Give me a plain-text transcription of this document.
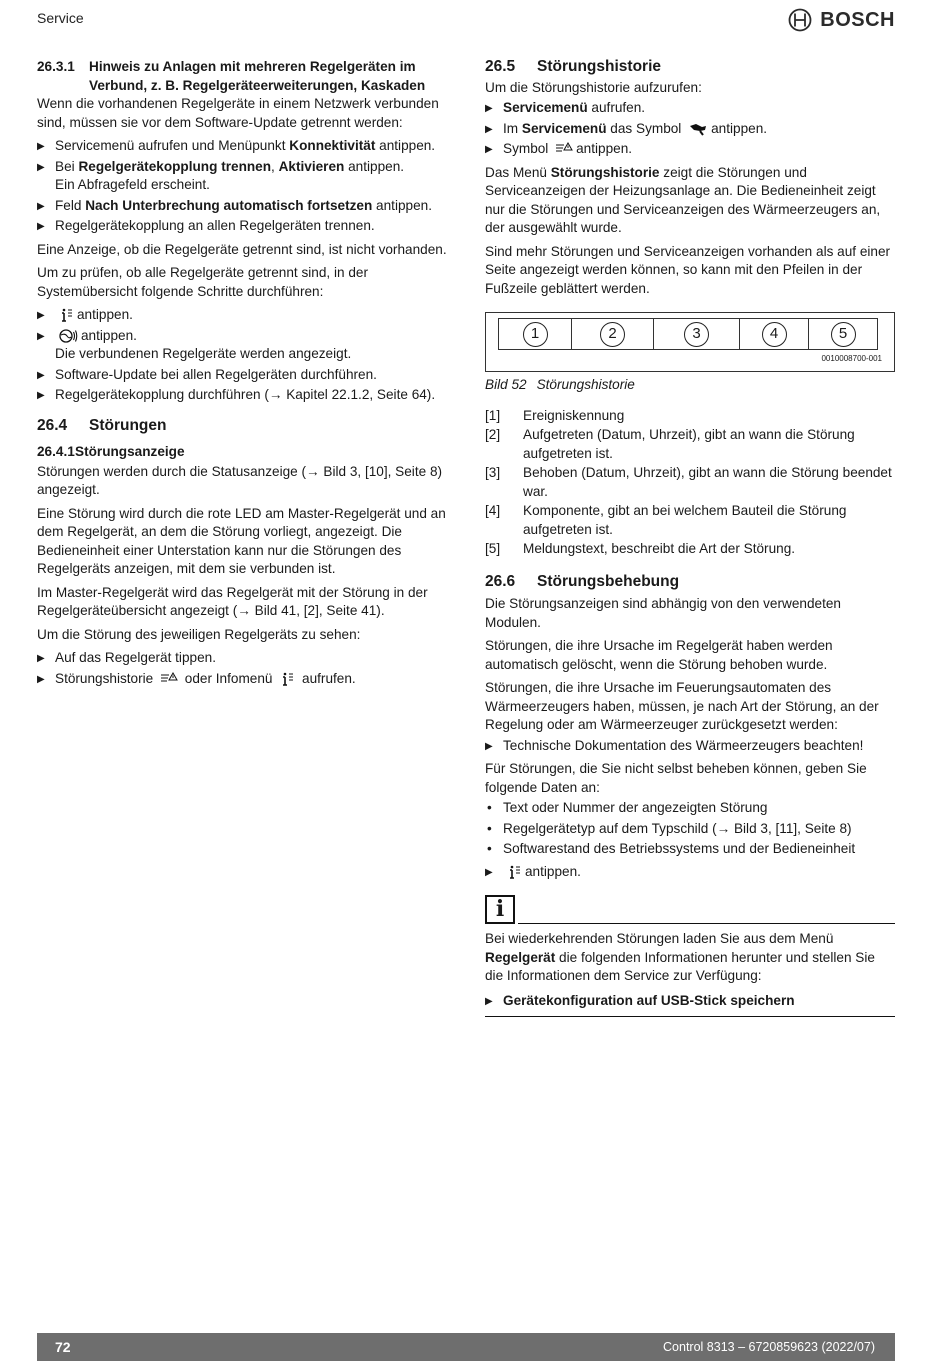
Service	BOSCH
26.3.1	Hinweis zu Anlagen mit mehreren Regelgeräten im
Verbund, z. B. Regelgeräteerweiterungen, Kaskaden

Wenn die vorhandenen Regelgeräte in einem Netzwerk verbunden sind, müssen sie vor dem Software-Update getrennt werden:

▶ Servicemenü aufrufen und Menüpunkt Konnektivität antippen.
▶ Bei Regelgerätekopplung trennen, Aktivieren antippen.
Ein Abfragefeld erscheint.
▶ Feld Nach Unterbrechung automatisch fortsetzen antippen.
▶ Regelgerätekopplung an allen Regelgeräten trennen.

Eine Anzeige, ob die Regelgeräte getrennt sind, ist nicht vorhanden.

Um zu prüfen, ob alle Regelgeräte getrennt sind, in der Systemübersicht folgende Schritte durchführen:

▶ antippen.
▶ antippen.
Die verbundenen Regelgeräte werden angezeigt.
▶ Software-Update bei allen Regelgeräten durchführen.
▶ Regelgerätekopplung durchführen (→ Kapitel 22.1.2, Seite 64).
26.4	Störungen
26.4.1 Störungsanzeige

Störungen werden durch die Statusanzeige (→ Bild 3, [10], Seite 8) angezeigt.

Eine Störung wird durch die rote LED am Master-Regelgerät und an dem Regelgerät, an dem die Störung vorliegt, angezeigt. Die Bedieneinheit einer Unterstation kann nur die Störungen des Regelgeräts anzeigen, mit dem sie verbunden ist.

Im Master-Regelgerät wird das Regelgerät mit der Störung in der Regelgeräteübersicht angezeigt (→ Bild 41, [2], Seite 41).

Um die Störung des jeweiligen Regelgeräts zu sehen:

▶ Auf das Regelgerät tippen.
▶ Störungshistorie oder Infomenü aufrufen.
26.5	Störungshistorie

Um die Störungshistorie aufzurufen:

▶ Servicemenü aufrufen.
▶ Im Servicemenü das Symbol antippen.
▶ Symbol antippen.

Das Menü Störungshistorie zeigt die Störungen und Serviceanzeigen der Heizungsanlage an. Die Bedieneinheit zeigt nur die Störungen und Serviceanzeigen des Wärmeerzeugers an, der ausgewählt wurde.

Sind mehr Störungen und Serviceanzeigen vorhanden als auf einer Seite angezeigt werden können, so kann mit den Pfeilen in der Fußzeile geblättert werden.

1	2	3	4	5
0010008700-001
Bild 52 Störungshistorie
[1]	Ereigniskennung
[2]	Aufgetreten (Datum, Uhrzeit), gibt an wann die Störung aufgetreten ist.
[3]	Behoben (Datum, Uhrzeit), gibt an wann die Störung beendet war.
[4]	Komponente, gibt an bei welchem Bauteil die Störung aufgetreten ist.
[5]	Meldungstext, beschreibt die Art der Störung.
26.6	Störungsbehebung

Die Störungsanzeigen sind abhängig von den verwendeten Modulen.

Störungen, die ihre Ursache im Regelgerät haben werden automatisch gelöscht, wenn die Störung behoben wurde.

Störungen, die ihre Ursache im Feuerungsautomaten des Wärmeerzeugers haben, müssen, je nach Art der Störung, an der Regelung oder am Wärmeerzeuger zurückgesetzt werden:

▶ Technische Dokumentation des Wärmeerzeugers beachten!

Für Störungen, die Sie nicht selbst beheben können, geben Sie folgende Daten an:

• Text oder Nummer der angezeigten Störung
• Regelgerätetyp auf dem Typschild (→ Bild 3, [11], Seite 8)
• Softwarestand des Betriebssystems und der Bedieneinheit
▶ antippen.
i

Bei wiederkehrenden Störungen laden Sie aus dem Menü Regelgerät die folgenden Informationen herunter und stellen Sie die Informationen dem Service zur Verfügung:

▶ Gerätekonfiguration auf USB-Stick speichern
72	Control 8313 – 6720859623 (2022/07)
